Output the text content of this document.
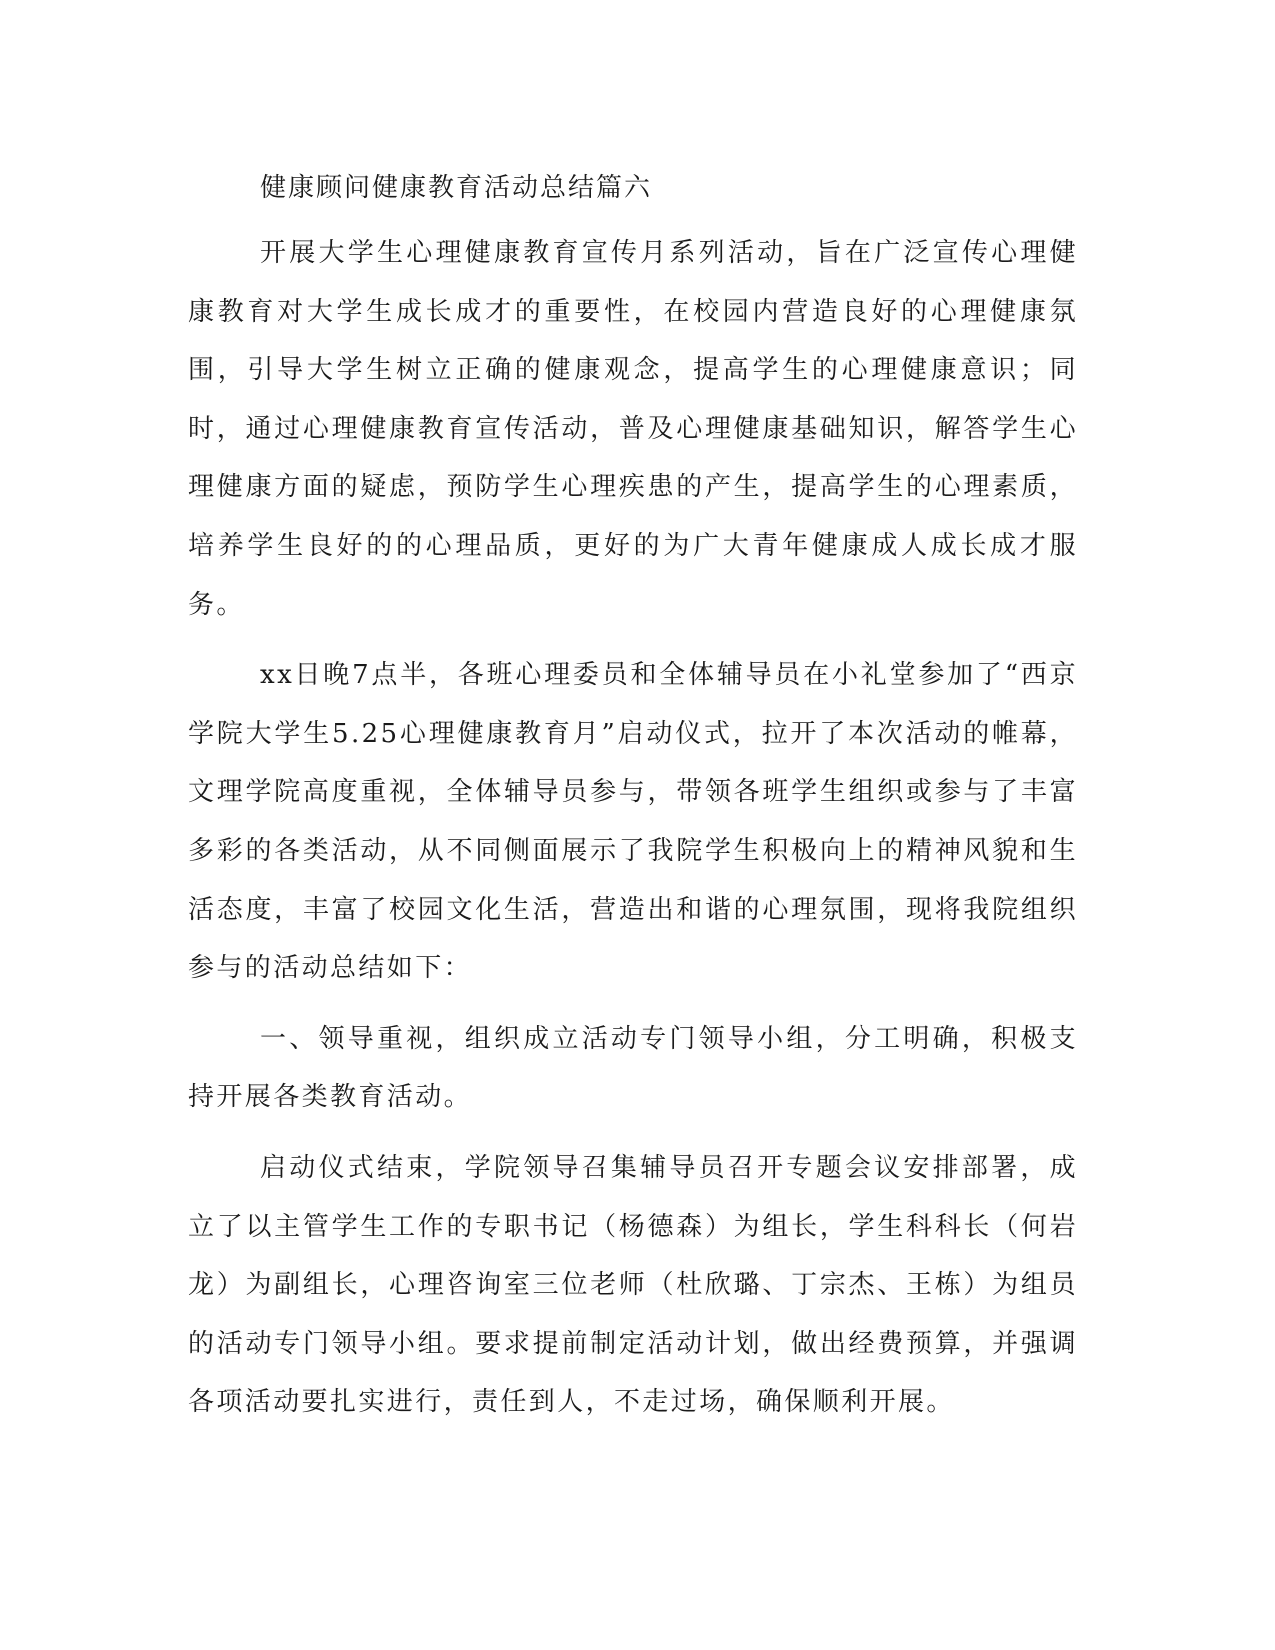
健康顾问健康教育活动总结篇六

开展大学生心理健康教育宣传月系列活动，旨在广泛宣传心理健康教育对大学生成长成才的重要性，在校园内营造良好的心理健康氛围，引导大学生树立正确的健康观念，提高学生的心理健康意识；同时，通过心理健康教育宣传活动，普及心理健康基础知识，解答学生心理健康方面的疑虑，预防学生心理疾患的产生，提高学生的心理素质，培养学生良好的的心理品质，更好的为广大青年健康成人成长成才服务。

xx日晚7点半，各班心理委员和全体辅导员在小礼堂参加了“西京学院大学生5.25心理健康教育月”启动仪式，拉开了本次活动的帷幕，文理学院高度重视，全体辅导员参与，带领各班学生组织或参与了丰富多彩的各类活动，从不同侧面展示了我院学生积极向上的精神风貌和生活态度，丰富了校园文化生活，营造出和谐的心理氛围，现将我院组织参与的活动总结如下：

一、领导重视，组织成立活动专门领导小组，分工明确，积极支持开展各类教育活动。

启动仪式结束，学院领导召集辅导员召开专题会议安排部署，成立了以主管学生工作的专职书记（杨德森）为组长，学生科科长（何岩龙）为副组长，心理咨询室三位老师（杜欣璐、丁宗杰、王栋）为组员的活动专门领导小组。要求提前制定活动计划，做出经费预算，并强调各项活动要扎实进行，责任到人，不走过场，确保顺利开展。
